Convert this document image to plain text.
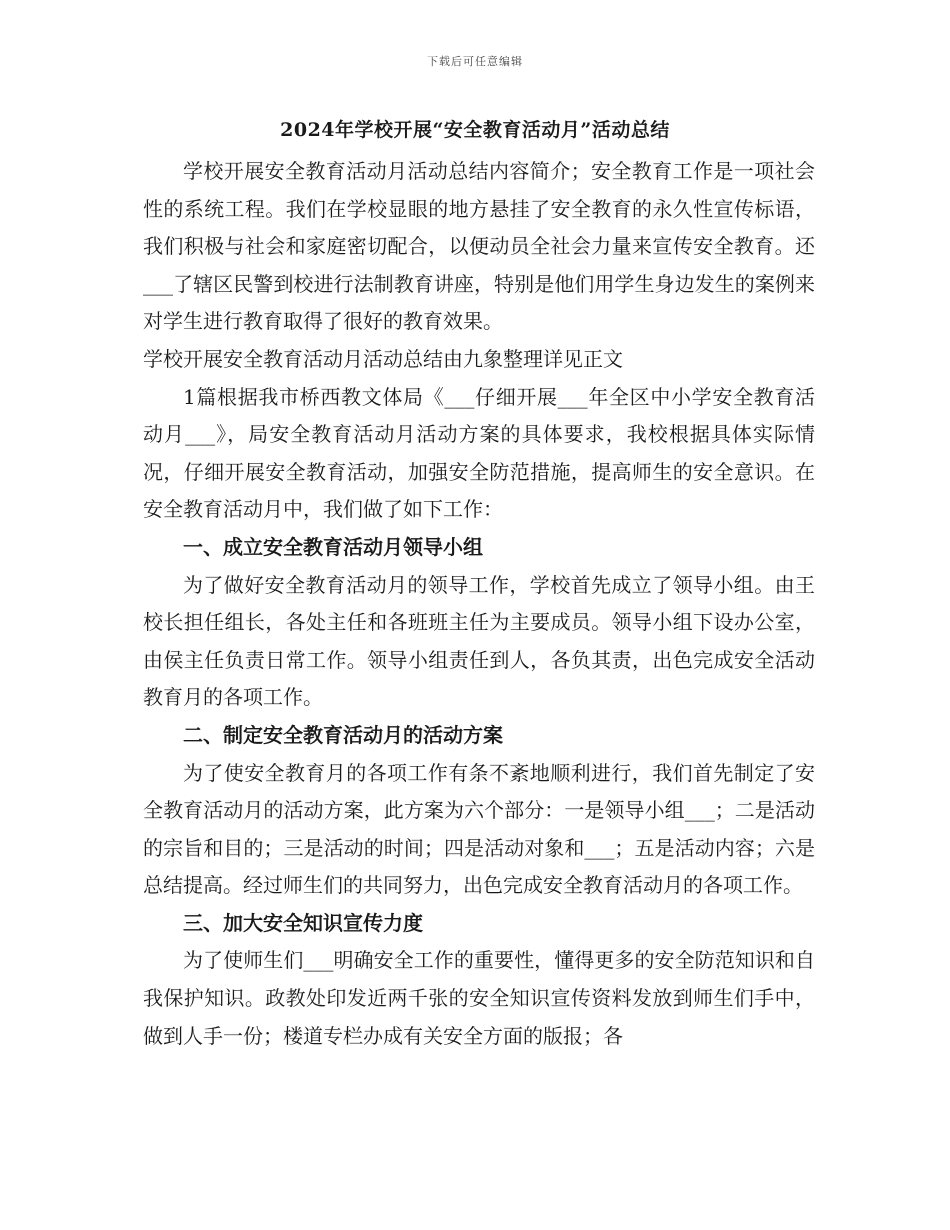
下载后可任意编辑
2024年学校开展“安全教育活动月”活动总结

学校开展安全教育活动月活动总结内容简介；安全教育工作是一项社会性的系统工程。我们在学校显眼的地方悬挂了安全教育的永久性宣传标语，我们积极与社会和家庭密切配合，以便动员全社会力量来宣传安全教育。还___了辖区民警到校进行法制教育讲座，特别是他们用学生身边发生的案例来对学生进行教育取得了很好的教育效果。

学校开展安全教育活动月活动总结由九象整理详见正文

1篇根据我市桥西教文体局《___仔细开展___年全区中小学安全教育活动月___》，局安全教育活动月活动方案的具体要求，我校根据具体实际情况，仔细开展安全教育活动，加强安全防范措施，提高师生的安全意识。在安全教育活动月中，我们做了如下工作：

一、成立安全教育活动月领导小组

为了做好安全教育活动月的领导工作，学校首先成立了领导小组。由王校长担任组长，各处主任和各班班主任为主要成员。领导小组下设办公室，由侯主任负责日常工作。领导小组责任到人，各负其责，出色完成安全活动教育月的各项工作。

二、制定安全教育活动月的活动方案

为了使安全教育月的各项工作有条不紊地顺利进行，我们首先制定了安全教育活动月的活动方案，此方案为六个部分：一是领导小组___；二是活动的宗旨和目的；三是活动的时间；四是活动对象和___；五是活动内容；六是总结提高。经过师生们的共同努力，出色完成安全教育活动月的各项工作。

三、加大安全知识宣传力度

为了使师生们___明确安全工作的重要性，懂得更多的安全防范知识和自我保护知识。政教处印发近两千张的安全知识宣传资料发放到师生们手中，做到人手一份；楼道专栏办成有关安全方面的版报；各
